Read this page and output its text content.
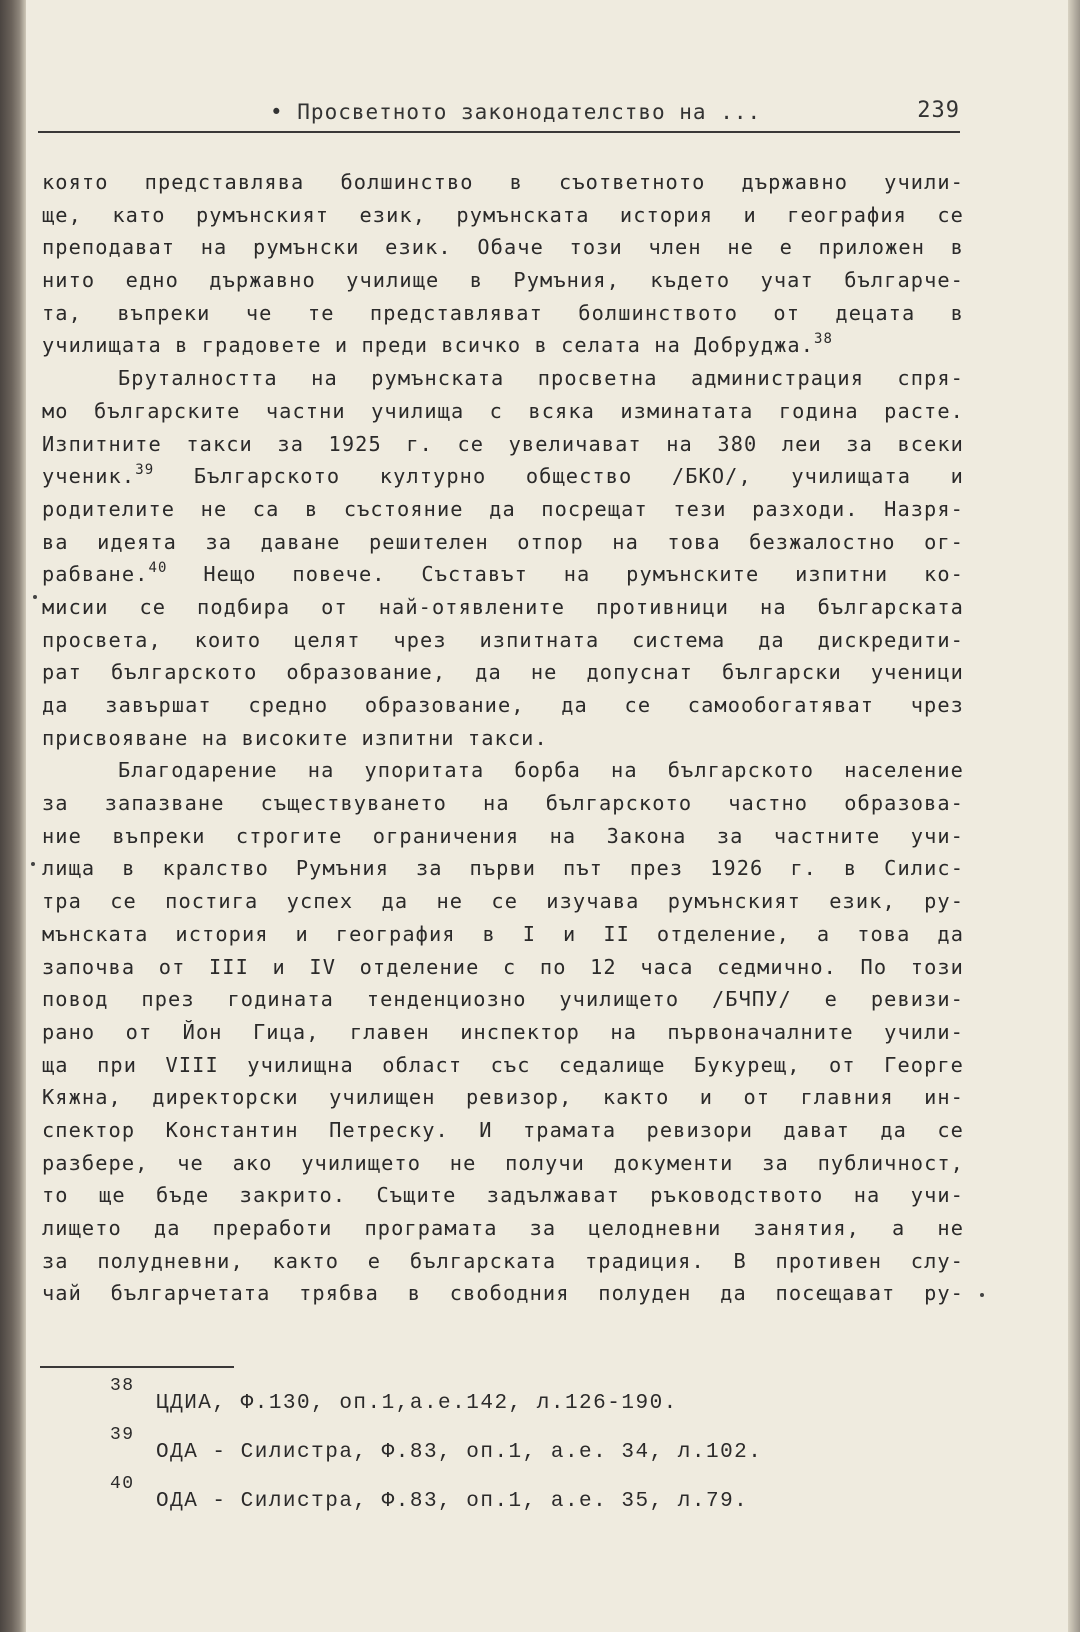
• Просветното законодателство на ...	239
която представлява болшинство в съответното държавно учили-
ще, като румънският език, румънската история и география се
преподават на румънски език. Обаче този член не е приложен в
нито едно държавно училище в Румъния, където учат българче-
та, въпреки че те представляват болшинството от децата в
училищата в градовете и преди всичко в селата на Добруджа.$^{38}$
Бруталността на румънската просветна администрация спря-
мо българските частни училища с всяка изминатата година расте.
Изпитните такси за 1925 г. се увеличават на 380 леи за всеки
ученик.$^{39}$ Българското културно общество /БКО/, училищата и
родителите не са в състояние да посрещат тези разходи. Назря-
ва идеята за даване решителен отпор на това безжалостно ог-
рабване.$^{40}$ Нещо повече. Съставът на румънските изпитни ко-
мисии се подбира от най-отявлените противници на българската
просвета, които целят чрез изпитната система да дискредити-
рат българското образование, да не допуснат български ученици
да завършат средно образование, да се самообогатяват чрез
присвояване на високите изпитни такси.
Благодарение на упоритата борба на българското население
за запазване съществуването на българското частно образова-
ние въпреки строгите ограничения на Закона за частните учи-
лища в кралство Румъния за първи път през 1926 г. в Силис-
тра се постига успех да не се изучава румънският език, ру-
мънската история и география в I и II отделение, а това да
започва от III и IV отделение с по 12 часа седмично. По този
повод през годината тенденциозно училището /БЧПУ/ е ревизи-
рано от Йон Гица, главен инспектор на първоначалните учили-
ща при VIII училищна област със седалище Букурещ, от Георге
Кяжна, директорски училищен ревизор, както и от главния ин-
спектор Константин Петреску. И трамата ревизори дават да се
разбере, че ако училището не получи документи за публичност,
то ще бъде закрито. Същите задължават ръководството на учи-
лището да преработи програмата за целодневни занятия, а не
за полудневни, както е българската традиция. В противен слу-
чай българчетата трябва в свободния полуден да посещават ру-
38
ЦДИА, Ф.130, оп.1,а.е.142, л.126-190.
39
ОДА - Силистра, Ф.83, оп.1, а.е. 34, л.102.
40
ОДА - Силистра, Ф.83, оп.1, а.е. 35, л.79.
